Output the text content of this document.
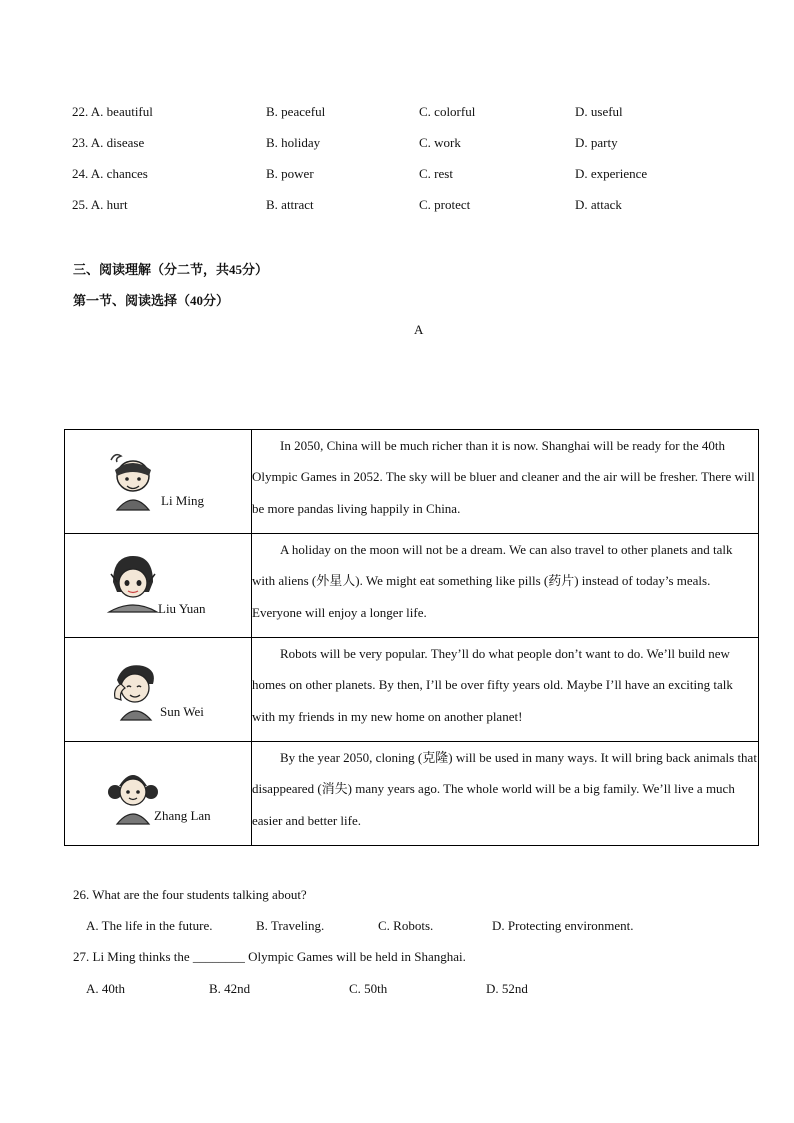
22. A. beautiful	B. peaceful	C. colorful	D. useful
23. A. disease	B. holiday	C. work	D. party
24. A. chances	B. power	C. rest	D. experience
25. A. hurt	B. attract	C. protect	D. attack
三、阅读理解（分二节，共45分）
第一节、阅读选择（40分）
A
Li Ming	In 2050, China will be much richer than it is now. Shanghai will be ready for the 40th Olympic Games in 2052. The sky will be bluer and cleaner and the air will be fresher. There will be more pandas living happily in China.

Liu Yuan	A holiday on the moon will not be a dream. We can also travel to other planets and talk with aliens (外星人). We might eat something like pills (药片) instead of today’s meals. Everyone will enjoy a longer life.

Sun Wei	Robots will be very popular. They’ll do what people don’t want to do. We’ll build new homes on other planets. By then, I’ll be over fifty years old. Maybe I’ll have an exciting talk with my friends in my new home on another planet!

Zhang Lan	By the year 2050, cloning (克隆) will be used in many ways. It will bring back animals that disappeared (消失) many years ago. The whole world will be a big family. We’ll live a much easier and better life.

26. What are the four students talking about?
A. The life in the future.	B. Traveling.	C. Robots.	D. Protecting environment.
27. Li Ming thinks the ________ Olympic Games will be held in Shanghai.
A. 40th	B. 42nd	C. 50th	D. 52nd
